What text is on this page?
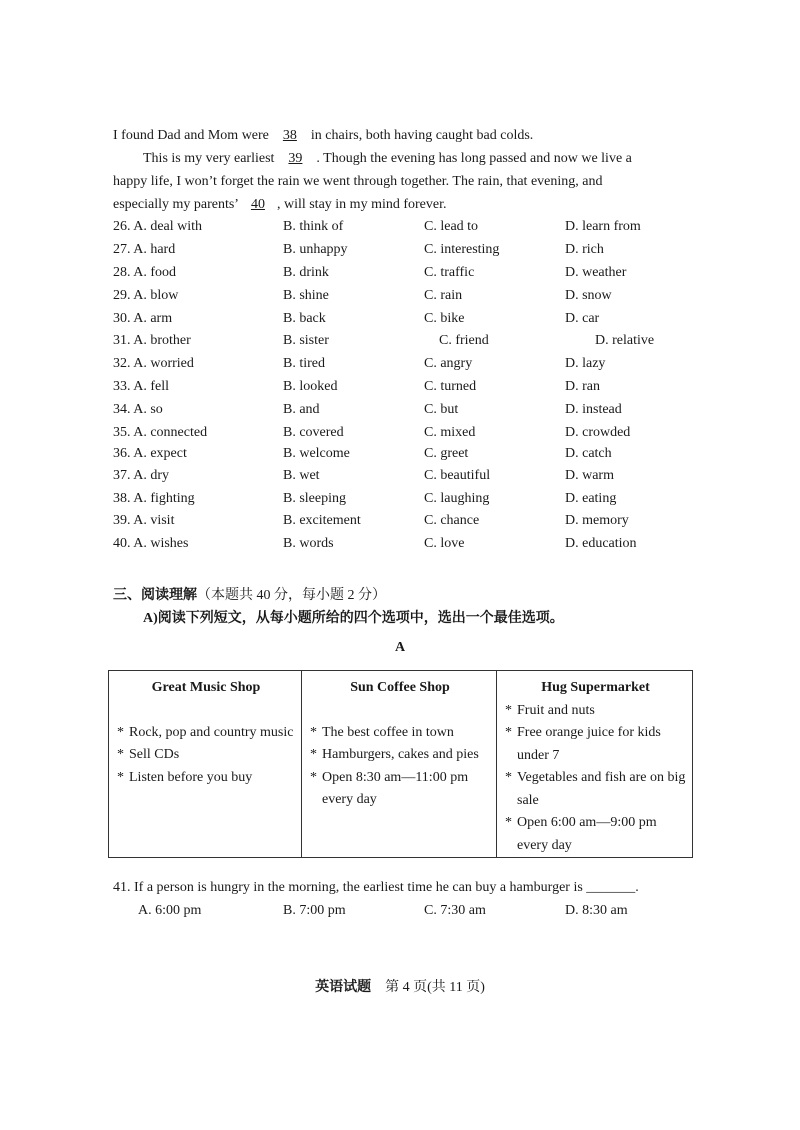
I found Dad and Mom were 38 in chairs, both having caught bad colds.
This is my very earliest 39 . Though the evening has long passed and now we live a
happy life, I won’t forget the rain we went through together. The rain, that evening, and
especially my parents’ 40 , will stay in my mind forever.
26. A. deal with	B. think of	C. lead to	D. learn from
27. A. hard	B. unhappy	C. interesting	D. rich
28. A. food	B. drink	C. traffic	D. weather
29. A. blow	B. shine	C. rain	D. snow
30. A. arm	B. back	C. bike	D. car
31. A. brother	B. sister	C. friend	D. relative
32. A. worried	B. tired	C. angry	D. lazy
33. A. fell	B. looked	C. turned	D. ran
34. A. so	B. and	C. but	D. instead
35. A. connected	B. covered	C. mixed	D. crowded
36. A. expect	B. welcome	C. greet	D. catch
37. A. dry	B. wet	C. beautiful	D. warm
38. A. fighting	B. sleeping	C. laughing	D. eating
39. A. visit	B. excitement	C. chance	D. memory
40. A. wishes	B. words	C. love	D. education
三、阅读理解（本题共 40 分，每小题 2 分）
A)阅读下列短文，从每小题所给的四个选项中，选出一个最佳选项。
A
Great Music Shop
* Rock, pop and country music
* Sell CDs
* Listen before you buy

Sun Coffee Shop
* The best coffee in town
* Hamburgers, cakes and pies
* Open 8:30 am—11:00 pm every day

Hug Supermarket
* Fruit and nuts
* Free orange juice for kids under 7
* Vegetables and fish are on big sale
* Open 6:00 am—9:00 pm every day
41. If a person is hungry in the morning, the earliest time he can buy a hamburger is _______.
A. 6:00 pm	B. 7:00 pm	C. 7:30 am	D. 8:30 am
英语试题 第 4 页(共 11 页)
